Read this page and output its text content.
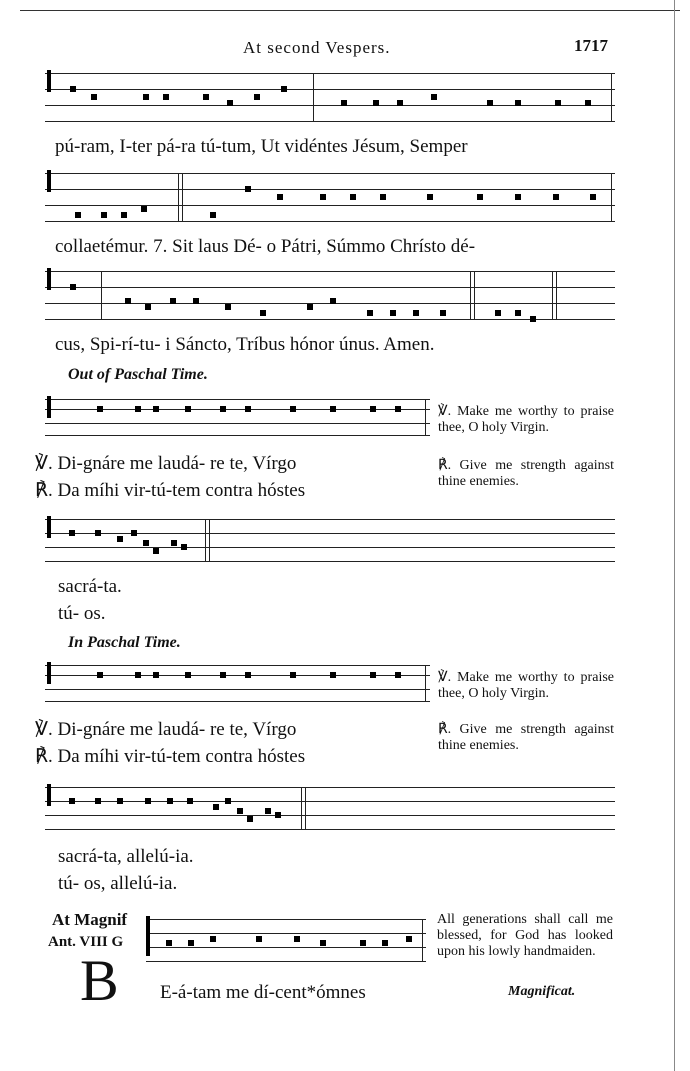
At second Vespers.	1717
pú-ram, I-ter pá-ra tú-tum, Ut vidéntes Jésum, Semper
collaetémur. 7. Sit laus Dé- o Pátri, Súmmo Chrísto dé-
cus, Spi-rí-tu- i Sáncto, Tríbus hónor únus. Amen.
Out of Paschal Time.
℣. Di-gnáre me laudá- re te, Vírgo
℟. Da míhi vir-tú-tem contra hóstes
℣. Make me worthy to praise thee, O holy Virgin.
℟. Give me strength against thine enemies.
sacrá-ta.
tú- os.
In Paschal Time.
℣. Di-gnáre me laudá- re te, Vírgo
℟. Da míhi vir-tú-tem contra hóstes
℣. Make me worthy to praise thee, O holy Virgin.
℟. Give me strength against thine enemies.
sacrá-ta, allelú-ia.
tú- os, allelú-ia.
At Magnif
Ant. VIII G
B E-á-tam me dí-cent*ómnes
All generations shall call me blessed, for God has looked upon his lowly handmaiden.
Magnificat.
